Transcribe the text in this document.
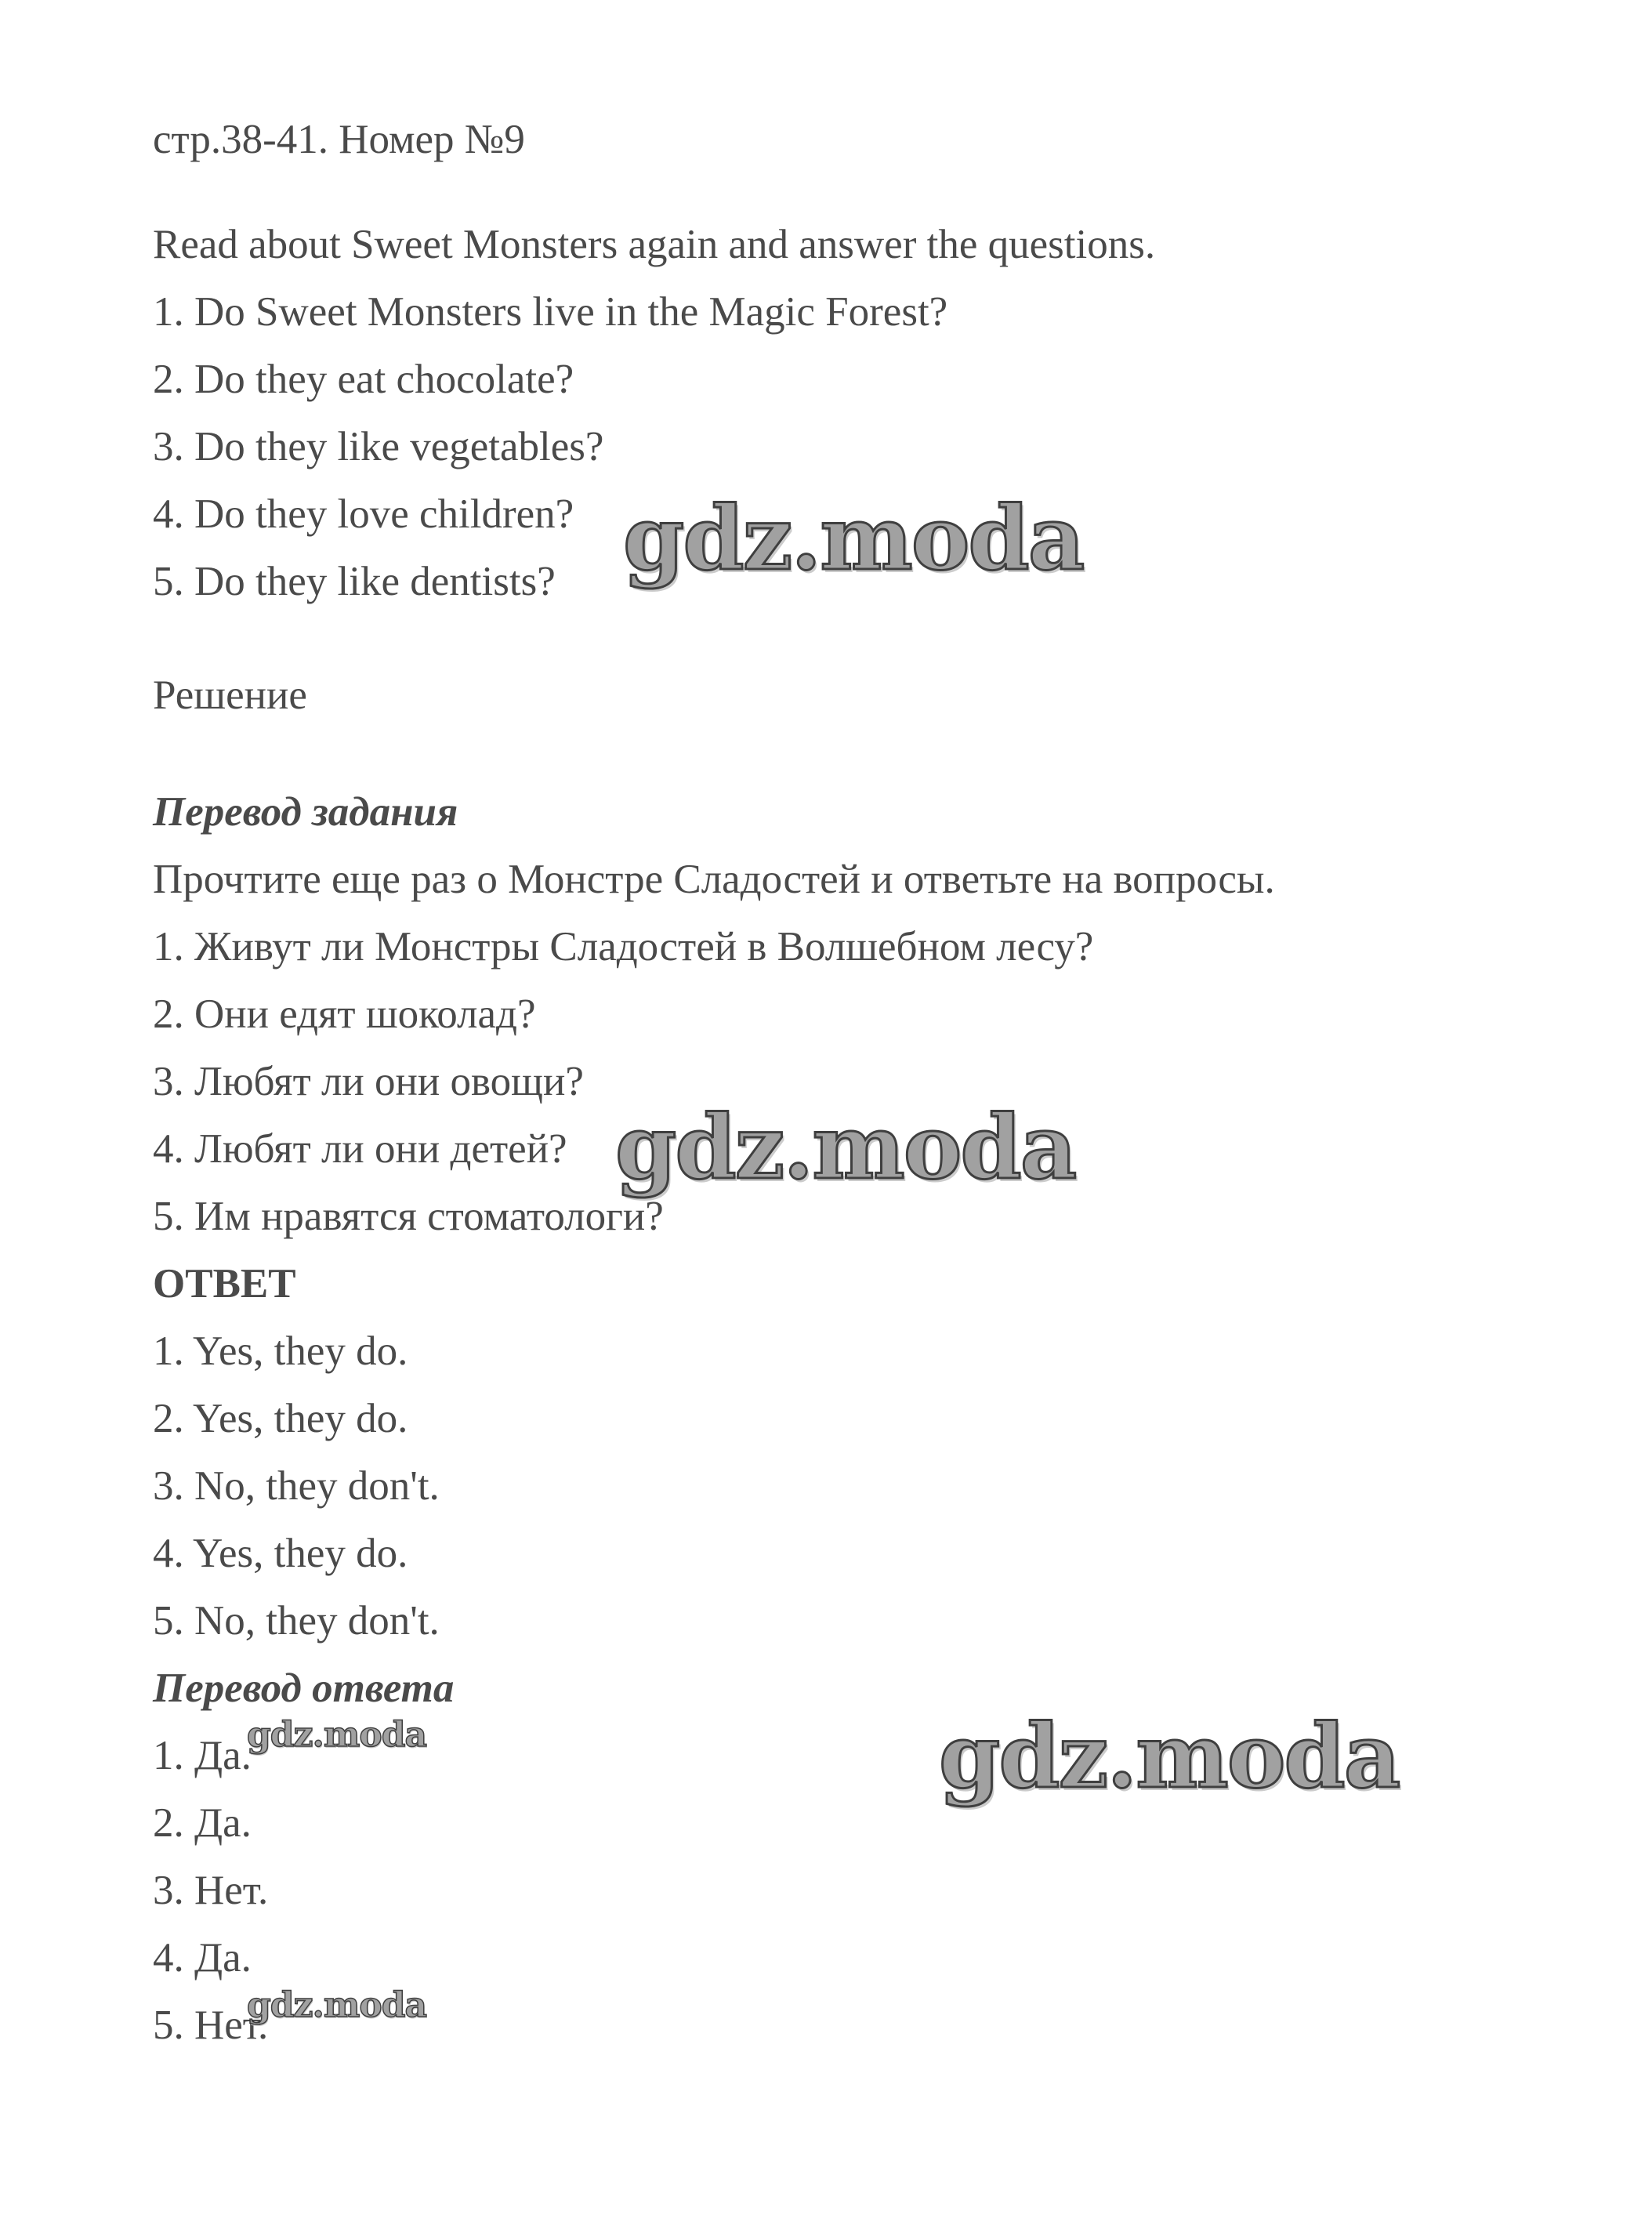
стр.38-41. Номер №9
Read about Sweet Monsters again and answer the questions.
1. Do Sweet Monsters live in the Magic Forest?
2. Do they eat chocolate?
3. Do they like vegetables?
4. Do they love children?
5. Do they like dentists?
Решение
Перевод задания
Прочтите еще раз о Монстре Сладостей и ответьте на вопросы.
1. Живут ли Монстры Сладостей в Волшебном лесу?
2. Они едят шоколад?
3. Любят ли они овощи?
4. Любят ли они детей?
5. Им нравятся стоматологи?
ОТВЕТ
1. Yes, they do.
2. Yes, they do.
3. No, they don't.
4. Yes, they do.
5. No, they don't.
Перевод ответа
1. Да.
2. Да.
3. Нет.
4. Да.
5. Нет.
gdz.moda
gdz.moda
gdz.moda
gdz.moda
gdz.moda
